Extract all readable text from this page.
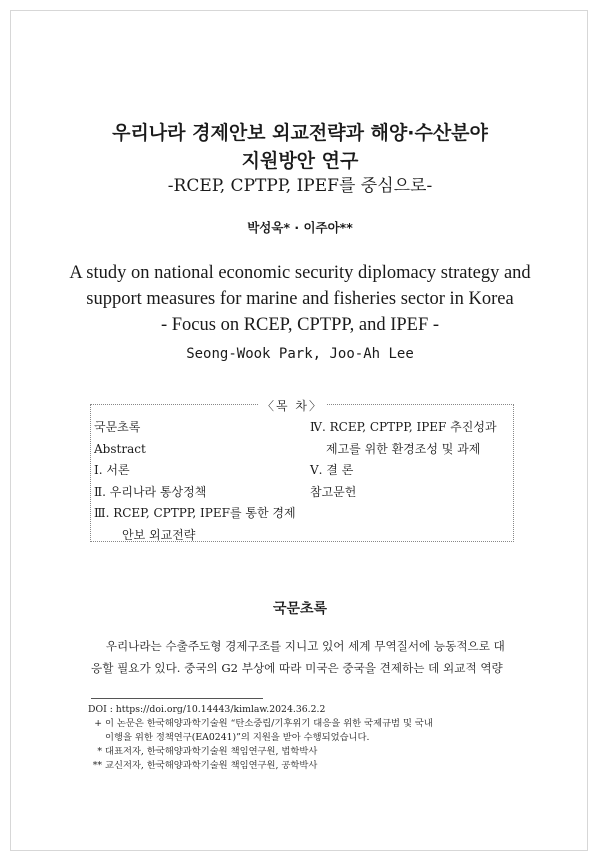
우리나라 경제안보 외교전략과 해양·수산분야
지원방안 연구
-RCEP, CPTPP, IPEF를 중심으로-
박성욱* · 이주아**
A study on national economic security diplomacy strategy and
support measures for marine and fisheries sector in Korea
- Focus on RCEP, CPTPP, and IPEF -
Seong-Wook Park, Joo-Ah Lee
〈목 차〉
국문초록
Abstract
Ⅰ. 서론
Ⅱ. 우리나라 통상정책
Ⅲ. RCEP, CPTPP, IPEF를 통한 경제
안보 외교전략
Ⅳ. RCEP, CPTPP, IPEF 추진성과
제고를 위한 환경조성 및 과제
Ⅴ. 결 론
참고문헌
국문초록
우리나라는 수출주도형 경제구조를 지니고 있어 세계 무역질서에 능동적으로 대
응할 필요가 있다. 중국의 G2 부상에 따라 미국은 중국을 견제하는 데 외교적 역량
DOI : https://doi.org/10.14443/kimlaw.2024.36.2.2
+ 이 논문은 한국해양과학기술원 “탄소중립/기후위기 대응을 위한 국제규범 및 국내
이행을 위한 정책연구(EA0241)”의 지원을 받아 수행되었습니다.
* 대표저자, 한국해양과학기술원 책임연구원, 법학박사
** 교신저자, 한국해양과학기술원 책임연구원, 공학박사
